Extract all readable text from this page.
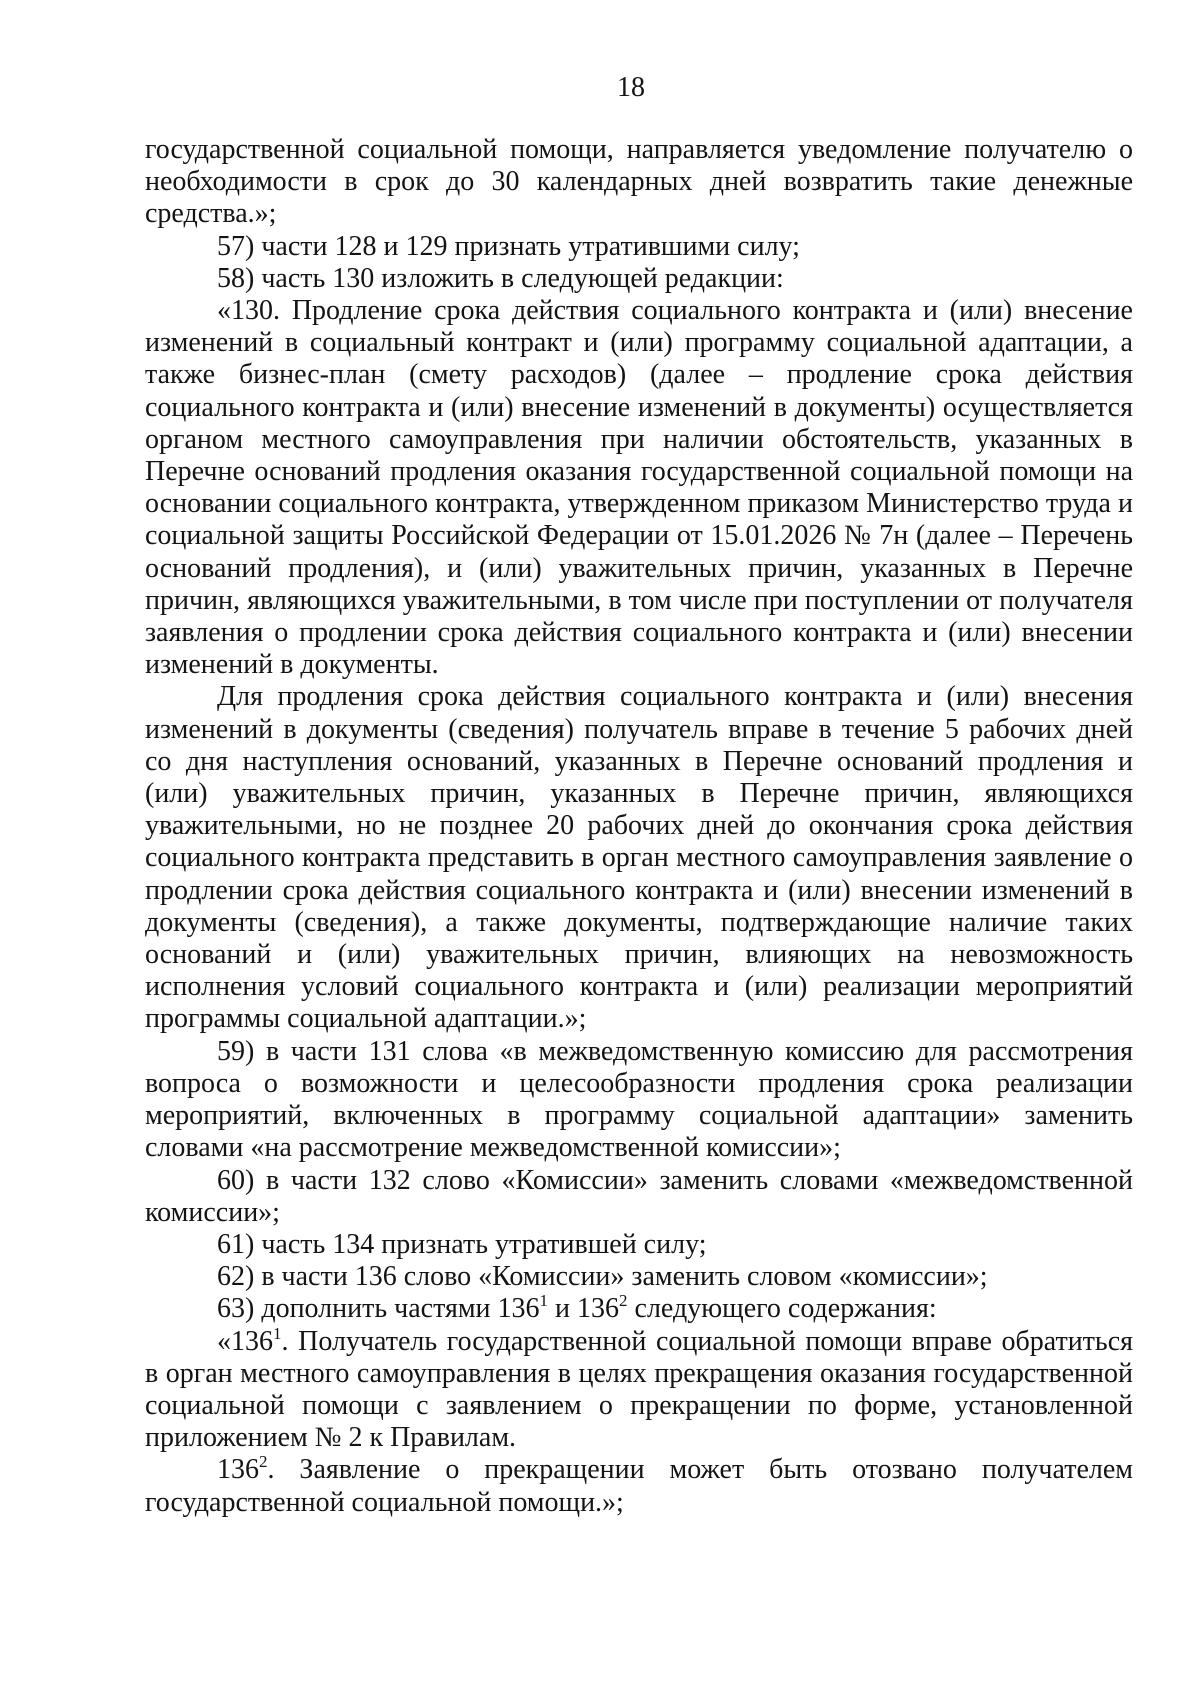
18

государственной социальной помощи, направляется уведомление получателю о необходимости в срок до 30 календарных дней возвратить такие денежные средства.»;

57) части 128 и 129 признать утратившими силу;

58) часть 130 изложить в следующей редакции:

«130. Продление срока действия социального контракта и (или) внесение изменений в социальный контракт и (или) программу социальной адаптации, а также бизнес-план (смету расходов) (далее – продление срока действия социального контракта и (или) внесение изменений в документы) осуществляется органом местного самоуправления при наличии обстоятельств, указанных в Перечне оснований продления оказания государственной социальной помощи на основании социального контракта, утвержденном приказом Министерство труда и социальной защиты Российской Федерации от 15.01.2026 № 7н (далее – Перечень оснований продления), и (или) уважительных причин, указанных в Перечне причин, являющихся уважительными, в том числе при поступлении от получателя заявления о продлении срока действия социального контракта и (или) внесении изменений в документы.

Для продления срока действия социального контракта и (или) внесения изменений в документы (сведения) получатель вправе в течение 5 рабочих дней со дня наступления оснований, указанных в Перечне оснований продления и (или) уважительных причин, указанных в Перечне причин, являющихся уважительными, но не позднее 20 рабочих дней до окончания срока действия социального контракта представить в орган местного самоуправления заявление о продлении срока действия социального контракта и (или) внесении изменений в документы (сведения), а также документы, подтверждающие наличие таких оснований и (или) уважительных причин, влияющих на невозможность исполнения условий социального контракта и (или) реализации мероприятий программы социальной адаптации.»;

59) в части 131 слова «в межведомственную комиссию для рассмотрения вопроса о возможности и целесообразности продления срока реализации мероприятий, включенных в программу социальной адаптации» заменить словами «на рассмотрение межведомственной комиссии»;

60) в части 132 слово «Комиссии» заменить словами «межведомственной комиссии»;

61) часть 134 признать утратившей силу;

62) в части 136 слово «Комиссии» заменить словом «комиссии»;

63) дополнить частями $136^1$ и $136^2$ следующего содержания:

«$136^1$. Получатель государственной социальной помощи вправе обратиться в орган местного самоуправления в целях прекращения оказания государственной социальной помощи с заявлением о прекращении по форме, установленной приложением № 2 к Правилам.

$136^2$. Заявление о прекращении может быть отозвано получателем государственной социальной помощи.»;
